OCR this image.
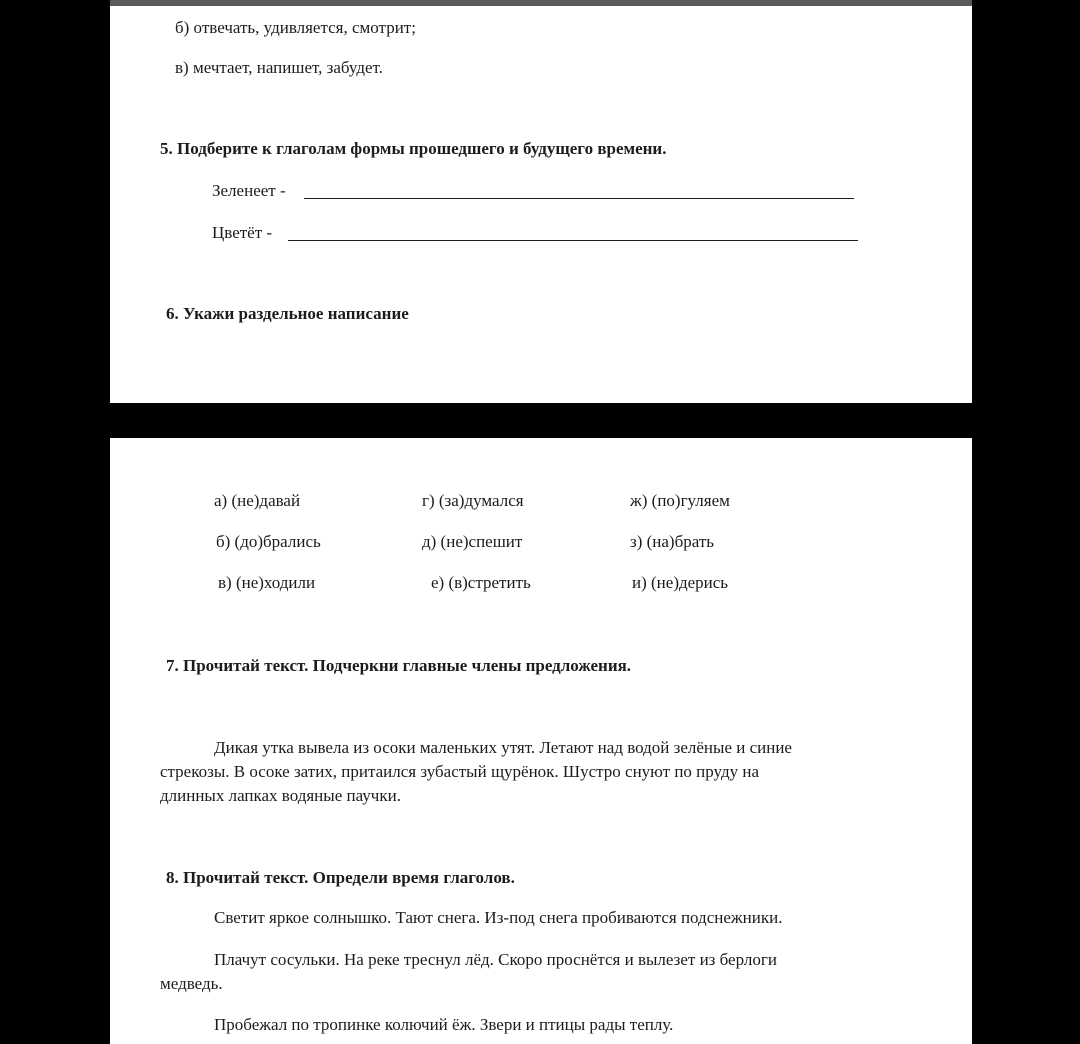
б) отвечать, удивляется, смотрит;
в) мечтает, напишет, забудет.
5. Подберите к глаголам формы прошедшего и будущего времени.
Зеленеет -
Цветёт -
6. Укажи раздельное написание
а) (не)давай	г) (за)думался	ж) (по)гуляем
б) (до)брались	д) (не)спешит	з) (на)брать
в) (не)ходили	е) (в)стретить	и) (не)дерись
7. Прочитай текст. Подчеркни главные члены предложения.
Дикая утка вывела из осоки маленьких утят. Летают над водой зелёные и синие
стрекозы. В осоке затих, притаился зубастый щурёнок. Шустро снуют по пруду на
длинных лапках водяные паучки.
8. Прочитай текст. Определи время глаголов.
Светит яркое солнышко. Тают снега. Из-под снега пробиваются подснежники.
Плачут сосульки. На реке треснул лёд. Скоро проснётся и вылезет из берлоги
медведь.
Пробежал по тропинке колючий ёж. Звери и птицы рады теплу.
